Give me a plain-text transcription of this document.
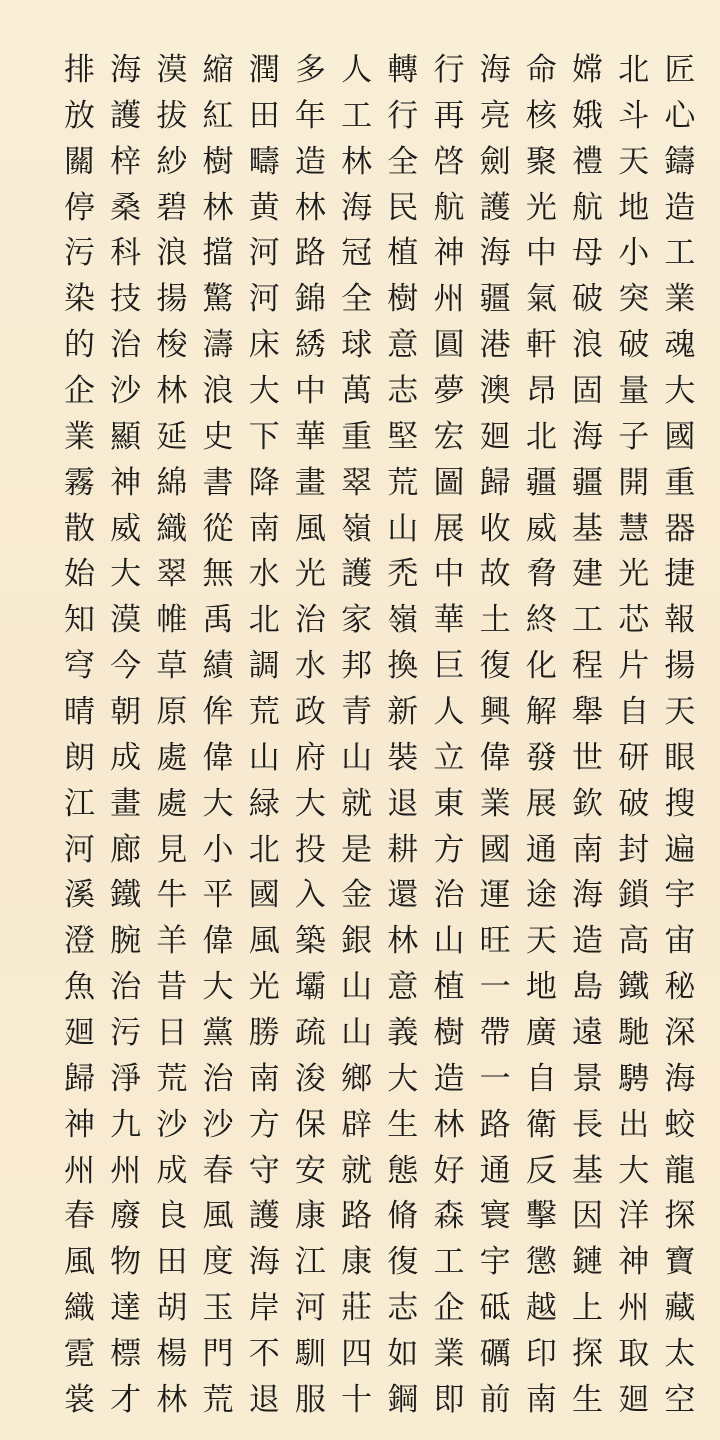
匠
心
鑄
造
工
業
魂
大
國
重
器
捷
報
揚
天
眼
搜
遍
宇
宙
秘
深
海
蛟
龍
探
寶
藏
太
空
北
斗
天
地
小
突
破
量
子
開
慧
光
芯
片
自
研
破
封
鎖
高
鐵
馳
騁
出
大
洋
神
州
取
廻
嫦
娥
禮
航
母
破
浪
固
海
疆
基
建
工
程
舉
世
欽
南
海
造
島
遠
景
長
基
因
鏈
上
探
生
命
核
聚
光
中
氣
軒
昂
北
疆
威
脅
終
化
解
發
展
通
途
天
地
廣
自
衛
反
擊
懲
越
印
南
海
亮
劍
護
海
疆
港
澳
廻
歸
收
故
土
復
興
偉
業
國
運
旺
一
帶
一
路
通
寰
宇
砥
礪
前
行
再
啓
航
神
州
圓
夢
宏
圖
展
中
華
巨
人
立
東
方
治
山
植
樹
造
林
好
森
工
企
業
即
轉
行
全
民
植
樹
意
志
堅
荒
山
禿
嶺
換
新
裝
退
耕
還
林
意
義
大
生
態
脩
復
志
如
鋼
人
工
林
海
冠
全
球
萬
重
翠
嶺
護
家
邦
青
山
就
是
金
銀
山
山
鄉
辟
就
路
康
莊
四
十
多
年
造
林
路
錦
綉
中
華
畫
風
光
治
水
政
府
大
投
入
築
壩
疏
浚
保
安
康
江
河
馴
服
潤
田
疇
黄
河
河
床
大
下
降
南
水
北
調
荒
山
緑
北
國
風
光
勝
南
方
守
護
海
岸
不
退
縮
紅
樹
林
擋
驚
濤
浪
史
書
從
無
禹
績
侔
偉
大
小
平
偉
大
黨
治
沙
春
風
度
玉
門
荒
漠
拔
紗
碧
浪
揚
梭
林
延
綿
織
翠
帷
草
原
處
處
見
牛
羊
昔
日
荒
沙
成
良
田
胡
楊
林
海
護
梓
桑
科
技
治
沙
顯
神
威
大
漠
今
朝
成
畫
廊
鐵
腕
治
污
淨
九
州
廢
物
達
標
才
排
放
關
停
污
染
的
企
業
霧
散
始
知
穹
晴
朗
江
河
溪
澄
魚
廻
歸
神
州
春
風
織
霓
裳
